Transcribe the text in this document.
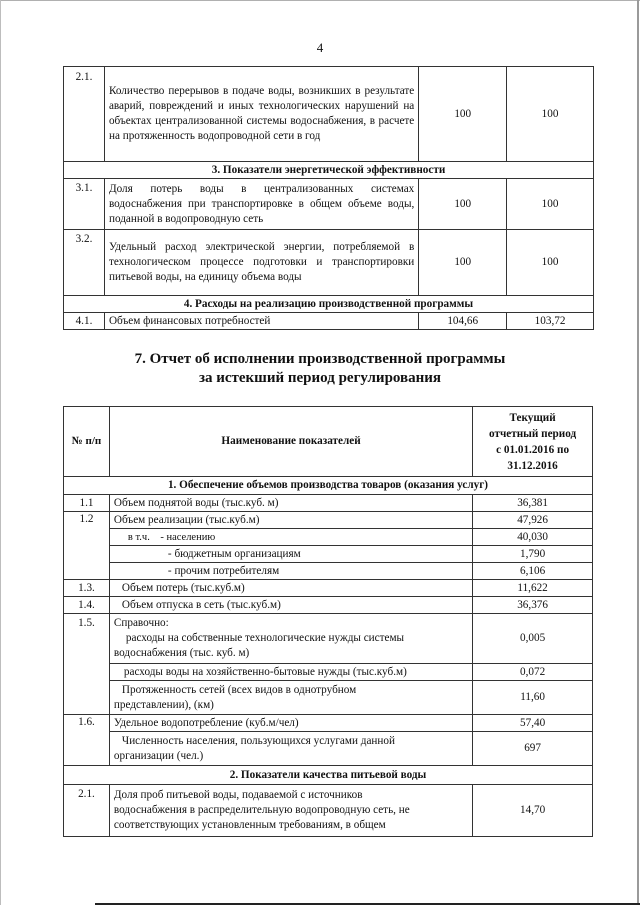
4
2.1.	Количество перерывов в подаче воды, возникших в результате аварий, повреждений и иных технологических нарушений на объектах централизованной системы водоснабжения, в расчете на протяженность водопроводной сети в год	100	100
3. Показатели энергетической эффективности			
3.1.	Доля потерь воды в централизованных системах водоснабжения при транспортировке в общем объеме воды, поданной в водопроводную сеть	100	100
3.2.	Удельный расход электрической энергии, потребляемой в технологическом процессе подготовки и транспортировки питьевой воды, на единицу объема воды	100	100
4. Расходы на реализацию производственной программы			
4.1.	Объем финансовых потребностей	104,66	103,72
7. Отчет об исполнении производственной программы
за истекший период регулирования
№ п/п	Наименование показателей	Текущий
отчетный период
с 01.01.2016 по
31.12.2016
1. Обеспечение объемов производства товаров (оказания услуг)		
1.1	Объем поднятой воды (тыс.куб. м)	36,381
1.2	Объем реализации (тыс.куб.м)	47,926
	в т.ч. - населению	40,030
	- бюджетным организациям	1,790
	- прочим потребителям	6,106
1.3.	Объем потерь (тыс.куб.м)	11,622
1.4.	Объем отпуска в сеть (тыс.куб.м)	36,376
1.5.	Справочно:
расходы на собственные технологические нужды системы
водоснабжения (тыс. куб. м)	0,005
	расходы воды на хозяйственно-бытовые нужды (тыс.куб.м)	0,072
	Протяженность сетей (всех видов в однотрубном
представлении), (км)	11,60
1.6.	Удельное водопотребление (куб.м/чел)	57,40
	Численность населения, пользующихся услугами данной
организации (чел.)	697
2. Показатели качества питьевой воды		
2.1.	Доля проб питьевой воды, подаваемой с источников
водоснабжения в распределительную водопроводную сеть, не
соответствующих установленным требованиям, в общем	14,70
